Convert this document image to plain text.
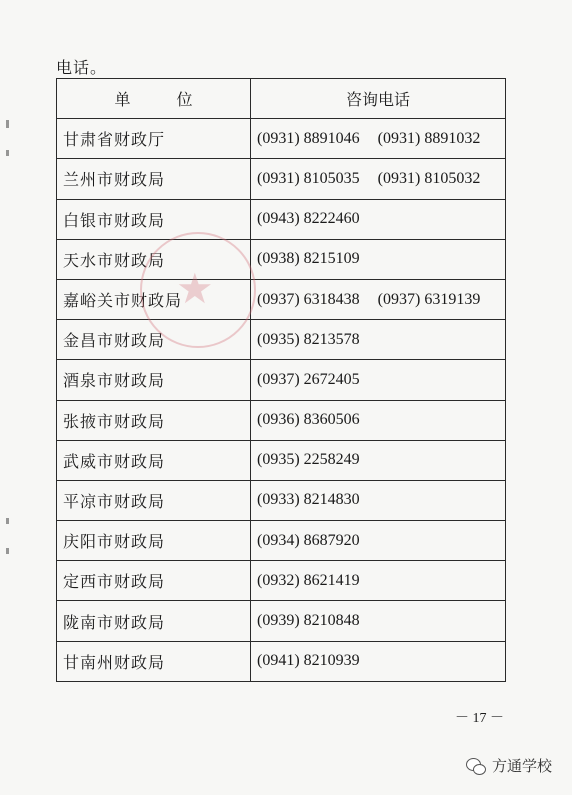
电话。
单 位	咨询电话
甘肃省财政厅	(0931) 8891046 (0931) 8891032
兰州市财政局	(0931) 8105035 (0931) 8105032
白银市财政局	(0943) 8222460
天水市财政局	(0938) 8215109
嘉峪关市财政局	(0937) 6318438 (0937) 6319139
金昌市财政局	(0935) 8213578
酒泉市财政局	(0937) 2672405
张掖市财政局	(0936) 8360506
武威市财政局	(0935) 2258249
平凉市财政局	(0933) 8214830
庆阳市财政局	(0934) 8687920
定西市财政局	(0932) 8621419
陇南市财政局	(0939) 8210848
甘南州财政局	(0941) 8210939
★
－ 17 －
方通学校
